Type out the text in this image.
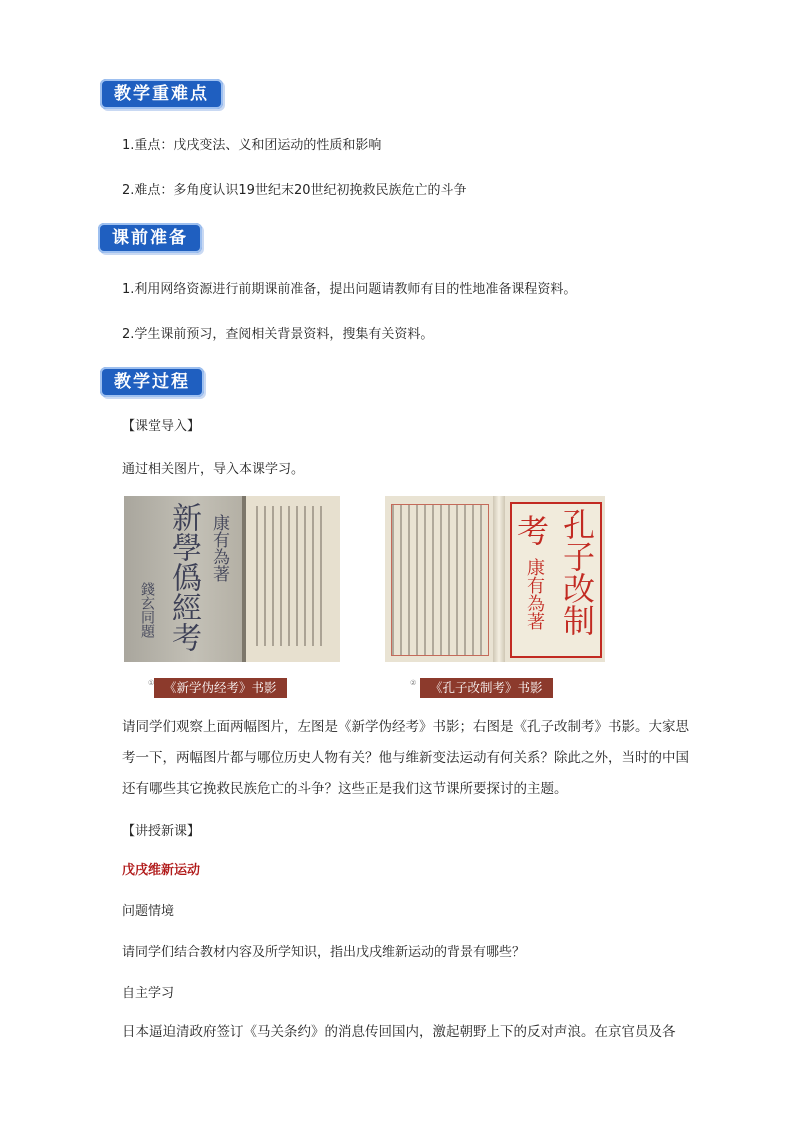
教学重难点
1.重点：戊戌变法、义和团运动的性质和影响
2.难点：多角度认识19世纪末20世纪初挽救民族危亡的斗争
课前准备
1.利用网络资源进行前期课前准备，提出问题请教师有目的性地准备课程资料。
2.学生课前预习，查阅相关背景资料，搜集有关资料。
教学过程
【课堂导入】
通过相关图片，导入本课学习。
新學僞經考 康有為著
錢玄同題
① 《新学伪经考》书影
孔子改制
考
康有為著
②	《孔子改制考》书影

请同学们观察上面两幅图片，左图是《新学伪经考》书影；右图是《孔子改制考》书影。大家思考一下，两幅图片都与哪位历史人物有关？他与维新变法运动有何关系？除此之外，当时的中国还有哪些其它挽救民族危亡的斗争？这些正是我们这节课所要探讨的主题。

【讲授新课】
戊戌维新运动
问题情境
请同学们结合教材内容及所学知识，指出戊戌维新运动的背景有哪些？
自主学习
日本逼迫清政府签订《马关条约》的消息传回国内，激起朝野上下的反对声浪。在京官员及各
